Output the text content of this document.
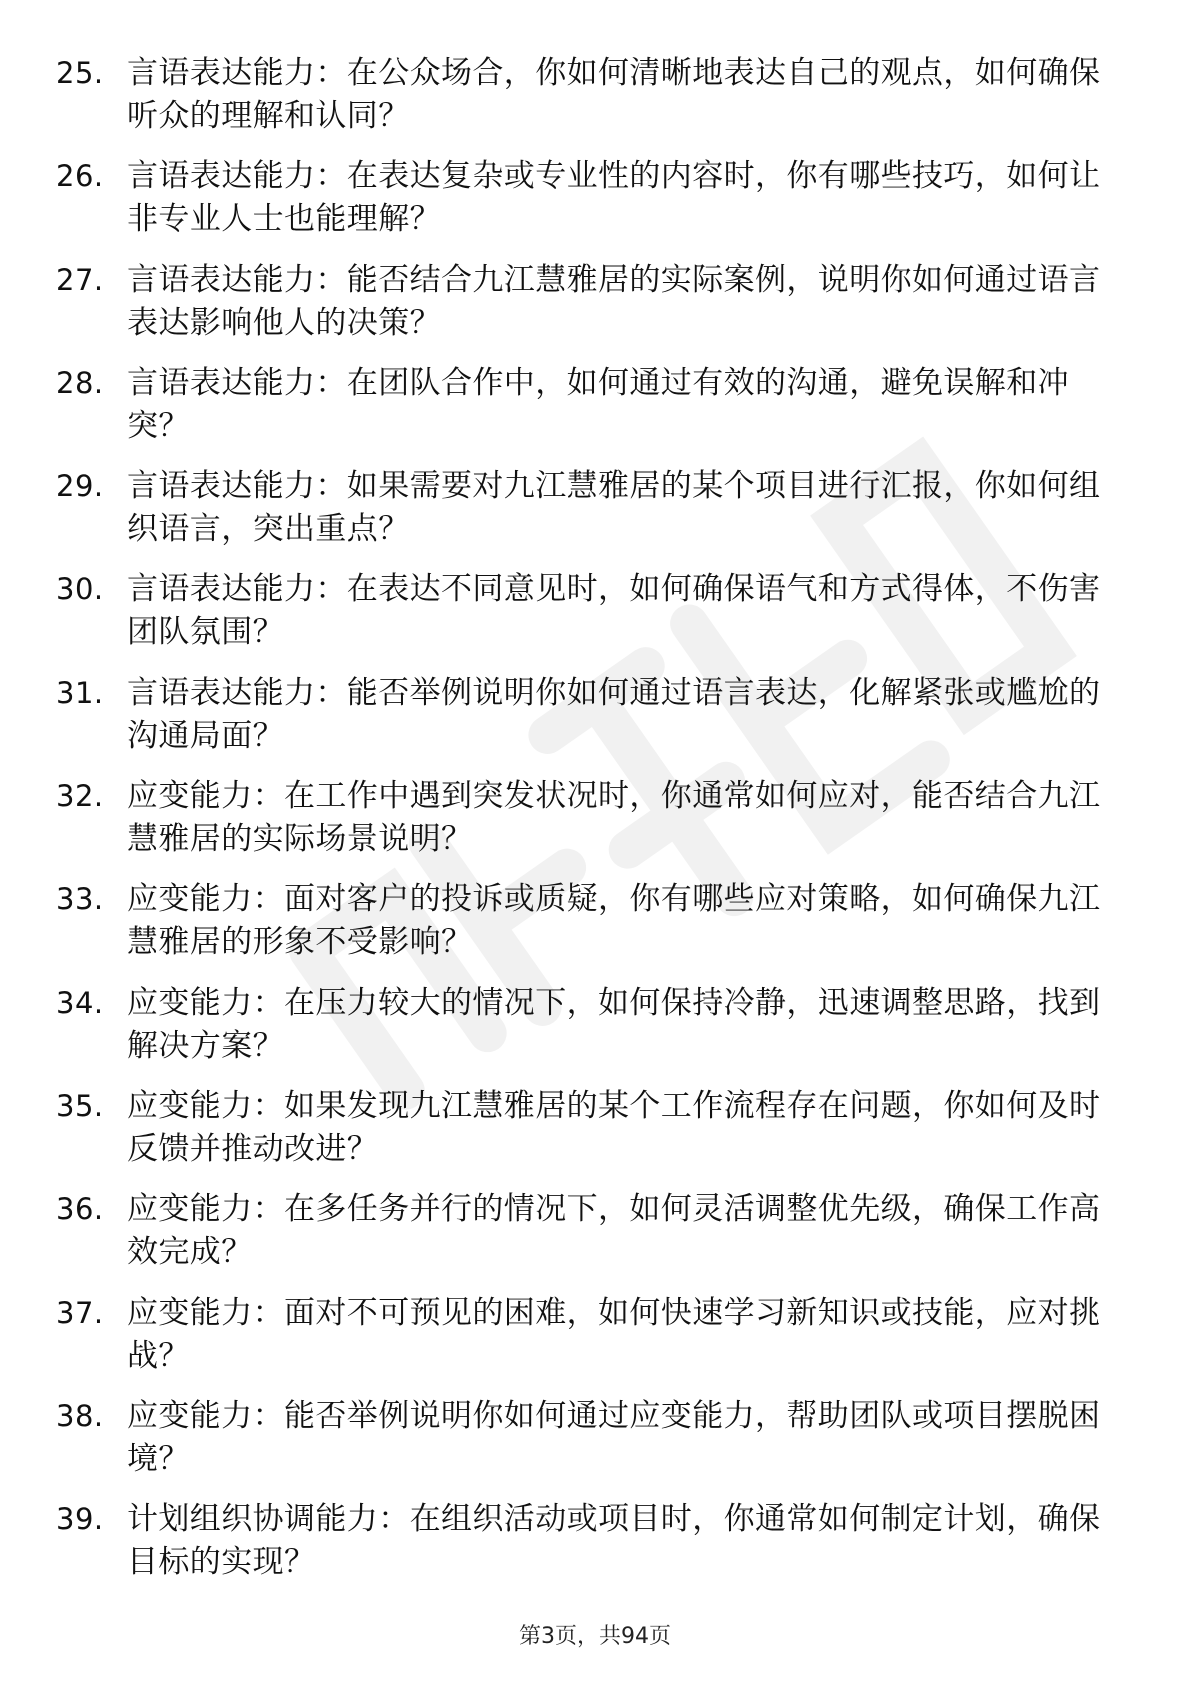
25. 言语表达能力：在公众场合，你如何清晰地表达自己的观点，如何确保听众的理解和认同？
26. 言语表达能力：在表达复杂或专业性的内容时，你有哪些技巧，如何让非专业人士也能理解？
27. 言语表达能力：能否结合九江慧雅居的实际案例，说明你如何通过语言表达影响他人的决策？
28. 言语表达能力：在团队合作中，如何通过有效的沟通，避免误解和冲突？
29. 言语表达能力：如果需要对九江慧雅居的某个项目进行汇报，你如何组织语言，突出重点？
30. 言语表达能力：在表达不同意见时，如何确保语气和方式得体，不伤害团队氛围？
31. 言语表达能力：能否举例说明你如何通过语言表达，化解紧张或尴尬的沟通局面？
32. 应变能力：在工作中遇到突发状况时，你通常如何应对，能否结合九江慧雅居的实际场景说明？
33. 应变能力：面对客户的投诉或质疑，你有哪些应对策略，如何确保九江慧雅居的形象不受影响？
34. 应变能力：在压力较大的情况下，如何保持冷静，迅速调整思路，找到解决方案？
35. 应变能力：如果发现九江慧雅居的某个工作流程存在问题，你如何及时反馈并推动改进？
36. 应变能力：在多任务并行的情况下，如何灵活调整优先级，确保工作高效完成？
37. 应变能力：面对不可预见的困难，如何快速学习新知识或技能，应对挑战？
38. 应变能力：能否举例说明你如何通过应变能力，帮助团队或项目摆脱困境？
39. 计划组织协调能力：在组织活动或项目时，你通常如何制定计划，确保目标的实现？
第3页，共94页
